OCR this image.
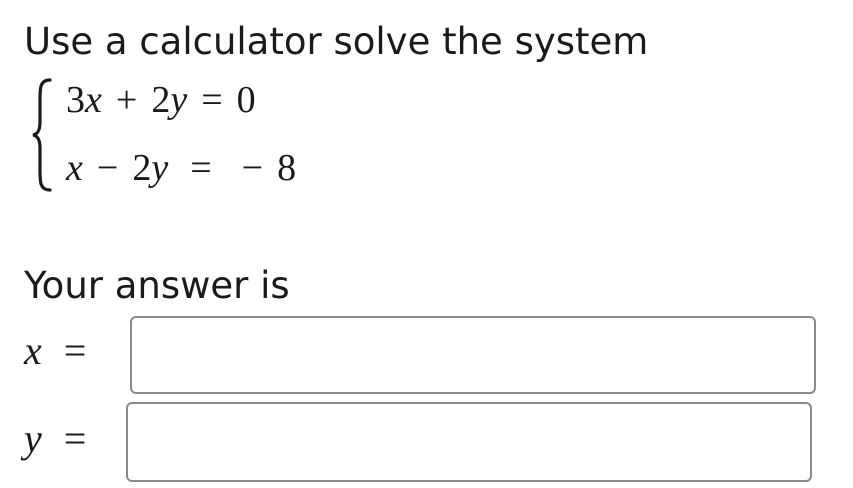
Use a calculator solve the system
3x + 2y = 0
x − 2y = − 8
Your answer is
x =
y =
